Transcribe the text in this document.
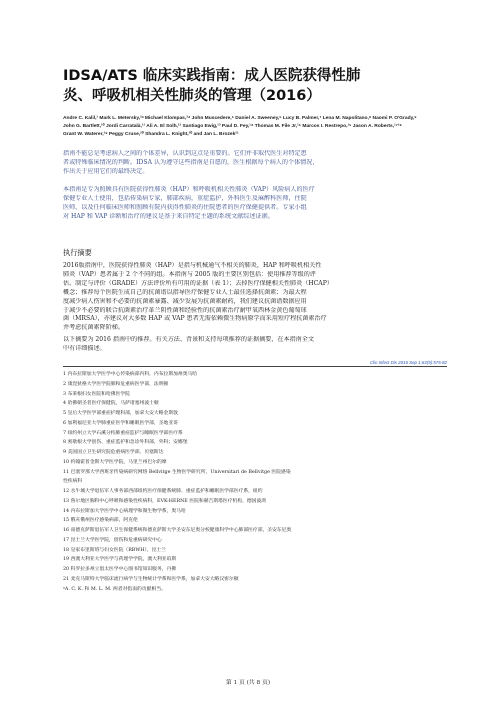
IDSA/ATS 临床实践指南：成人医院获得性肺
炎、呼吸机相关性肺炎的管理（2016）
Andre C. Kalil,¹ Mark L. Metersky,²ᵃ Michael Klompas,³⁴ John Muscedere,⁵ Daniel A. Sweeney,⁶ Lucy B. Palmer,⁷ Lena M. Napolitano,⁸ Naomi P. O'Grady,⁹
John G. Bartlett,¹⁰ Jordi Carratalà,¹¹ Ali A. El Solh,¹² Santiago Ewig,¹³ Paul D. Fey,¹⁴ Thomas M. File Jr,¹⁵ Marcos I. Restrepo,¹⁶ Jason A. Roberts,¹⁷¹⁸
Grant W. Waterer,¹⁹ Peggy Cruse,²⁰ Shandra L. Knight,²⁰ and Jan L. Brozek²¹
指南不能总是考虑病人之间的个体差异，认识到这点是重要的。它们并非取代医生对特定患
者或特殊临床情况的判断。IDSA 认为遵守这些指南是自愿的，医生根据每个病人的个体情况，
作出关于应用它们的最终决定。
本指南是专为照顾具有医院获得性肺炎（HAP）和呼吸机相关性肺炎（VAP）风险病人的医疗
保健专业人士使用，包括传染病专家，肺部疾病，重症监护，外科医生及麻醉科医师，住院
医师，以及任何临床医师和照顾有院内获得性肺炎的住院患者的医疗保健提供者。专家小组
对 HAP 和 VAP 诊断和治疗的建议是基于来自特定主题的系统文献综述证据。
执行摘要
2016版指南中，医院获得性肺炎（HAP）是指与机械通气不相关的肺炎，HAP 和呼吸机相关性
肺炎（VAP）患者属于 2 个不同的组。本指南与 2005 版的主要区别包括：使用推荐等级的评
估、制定与评价（GRADE）方法评价所有可用的证据（表 1）；去掉医疗保健相关性肺炎（HCAP）
概念；推荐每个医院生成自己的抗菌谱以指导医疗保健专业人士最佳选择抗菌素；为最大程
度减少病人伤害和不必要的抗菌素暴露、减少发展为抗菌素耐药，我们建议抗菌谱数据应用
于减少不必要的联合抗菌素治疗革兰阴性菌和经验性的抗菌素治疗耐甲氧西林金黄色葡萄球
菌（MRSA），亦建议对大多数 HAP 或 VAP 患者无需依赖微生物病原学而采用短疗程抗菌素治疗
并考虑抗菌素降阶梯。
以下摘要为 2016 指南中的推荐。有关方法、背景和支持每项推荐的证据摘要，在本指南全文
中有详细描述。
Clin Infect Dis 2016 Sep 1;63(5):575-82
1 内布拉斯加大学医学中心传染病部内科，内布拉斯加州奥马哈
2 康涅狄格大学医学院肺和危重病医学部，法明顿
3 布莱根妇女医院和哈佛医学院
4 哈佛朝圣者医疗保健院，马萨诸塞州波士顿
5 皇后大学医学部重症护理科部，加拿大安大略金斯敦
6 加利福尼亚大学肺重症医学和睡眠医学部，圣地亚哥
7 纽约州立大学石溪分校肺重症监护与睡眠医学部医疗系
8 密歇根大学创伤、重症监护和急诊外科部，外科；安娜堡
9 美国国立卫生研究院危重病医学部，贝塞斯达
10 约翰霍普金斯大学医学院，马里兰州巴尔的摩
11 巴塞罗那大学西班牙传染病研究网络 Bellvitge 生物医学研究所，Universitari de Bellvitge 医院感染
性疾病科
12 水牛城大学退伍军人事务部西部纽约医疗保健系统肺、重症监护和睡眠医学部医疗系，纽约
13 鲁尔地区胸科中心呼吸和感染性疾病科，EVK-HERNE 医院和赫吉斯塔医疗机构，德国波鸿
14 内布拉斯加大学医学中心病理学和微生物学系，奥马哈
15 俄亥俄州医疗感染病部，阿克伦
16 南德克萨斯退伍军人卫生保健系统和德克萨斯大学圣安东尼奥分校健康科学中心肺部医疗部，圣安东尼奥
17 昆士兰大学医学院，创伤和危重病研究中心
18 皇家布里斯班与妇女医院（RBWH），昆士兰
19 西澳大利亚大学医学与药理学学院，澳大利亚珀斯
20 科罗拉多州立倡太医学中心图书馆知识服务，丹佛
21 麦克马斯特大学临床流行病学与生物统计学系和医学系，加拿大安大略汉密尔顿
ᵃA. C. K. 和 M. L. M. 两者对指南的贡献相当。
第 1 页 (共 8 页)
